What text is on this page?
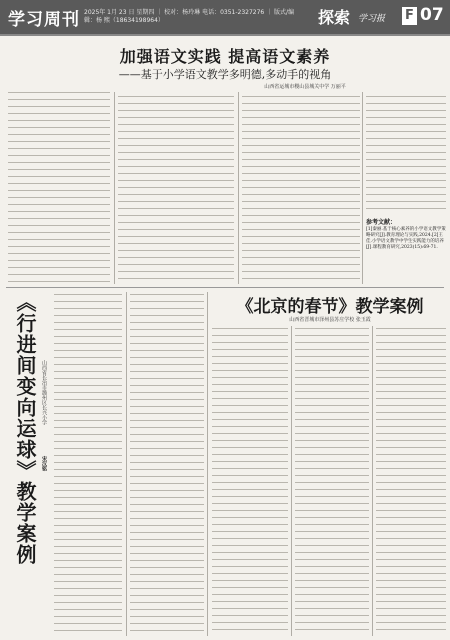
学习周刊 2025年 1月 23 日 星期四 ｜ 校对：杨玲琳 电话：0351-2327276 ｜ 版式/编辑：杨 熙（18634198964）	探索 学习报 F 07
加强语文实践 提高语文素养
——基于小学语文教学多明德,多动手的视角
山西省运城市稷山县城关中学 万丽平
参考文献：
[1]秦丽.基于核心素养的小学语文教学策略研究[J].教育理论与实践,2024.[2]王佳.小学语文教学中学生实践能力的培养[J].课程教育研究,2023(15):69-71.
《行进间变向运球》教学案例 山西省长治市潞州区长兴小学
宋汉铭
《北京的春节》教学案例
山西省晋城市泽州县苏庄学校 张玉霞
